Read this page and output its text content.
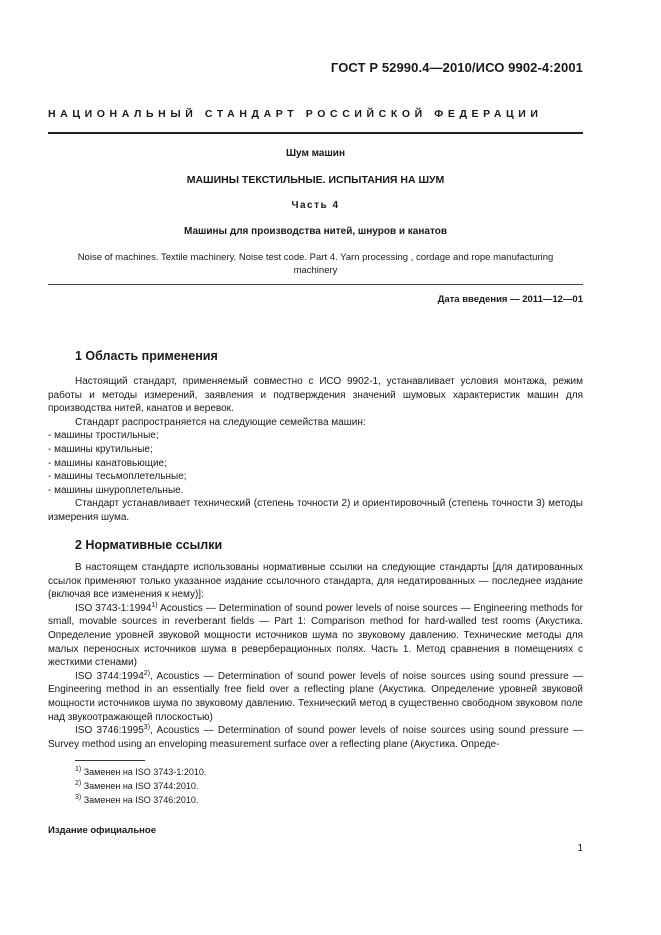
ГОСТ Р 52990.4—2010/ИСО 9902-4:2001
НАЦИОНАЛЬНЫЙ СТАНДАРТ РОССИЙСКОЙ ФЕДЕРАЦИИ
Шум машин
МАШИНЫ ТЕКСТИЛЬНЫЕ. ИСПЫТАНИЯ НА ШУМ
Часть 4
Машины для производства нитей, шнуров и канатов
Noise of machines. Textile machinery. Noise test code. Part 4. Yarn processing , cordage and rope manufacturing machinery
Дата введения — 2011—12—01
1 Область применения

Настоящий стандарт, применяемый совместно с ИСО 9902-1, устанавливает условия монтажа, режим работы и методы измерений, заявления и подтверждения значений шумовых характеристик машин для производства нитей, канатов и веревок.

Стандарт распространяется на следующие семейства машин:

- машины тростильные;

- машины крутильные;

- машины канатовьющие;

- машины тесьмоплетельные;

- машины шнуроплетельные.

Стандарт устанавливает технический (степень точности 2) и ориентировочный (степень точности 3) методы измерения шума.

2 Нормативные ссылки

В настоящем стандарте использованы нормативные ссылки на следующие стандарты [для датированных ссылок применяют только указанное издание ссылочного стандарта, для недатированных — последнее издание (включая все изменения к нему)]:

ISO 3743-1:1994$^{1)}$ Acoustics — Determination of sound power levels of noise sources — Engineering methods for small, movable sources in reverberant fields — Part 1: Comparison method for hard-walled test rooms (Акустика. Определение уровней звуковой мощности источников шума по звуковому давлению. Технические методы для малых переносных источников шума в реверберационных полях. Часть 1. Метод сравнения в помещениях с жесткими стенами)

ISO 3744:1994$^{2)}$, Acoustics — Determination of sound power levels of noise sources using sound pressure — Engineering method in an essentially free field over a reflecting plane (Акустика. Определение уровней звуковой мощности источников шума по звуковому давлению. Технический метод в существенно свободном звуковом поле над звукоотражающей плоскостью)

ISO 3746:1995$^{3)}$, Acoustics — Determination of sound power levels of noise sources using sound pressure — Survey method using an enveloping measurement surface over a reflecting plane (Акустика. Опреде-

$^{1)}$ Заменен на ISO 3743-1:2010.
$^{2)}$ Заменен на ISO 3744:2010.
$^{3)}$ Заменен на ISO 3746:2010.
Издание официальное
1
